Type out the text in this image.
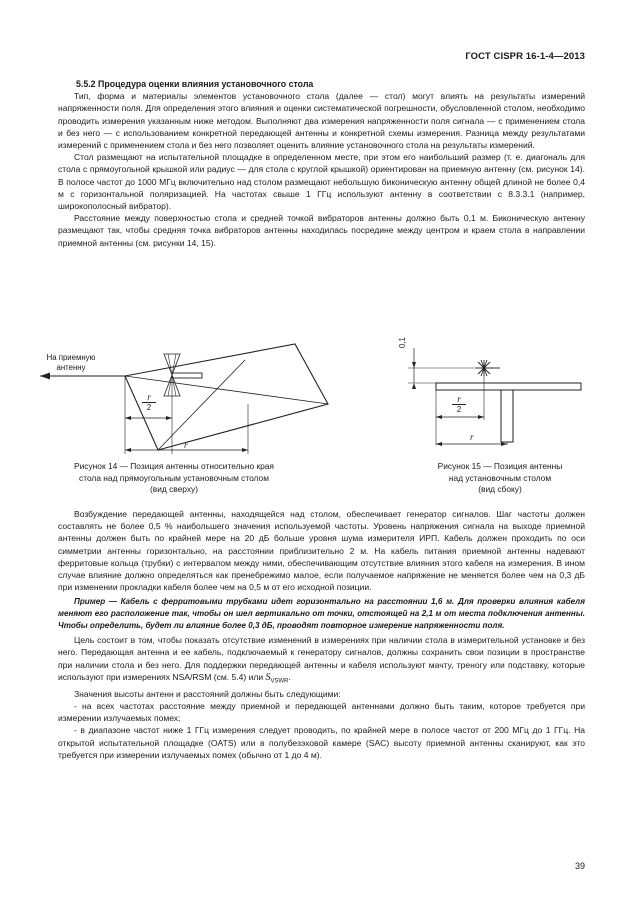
ГОСТ CISPR 16-1-4—2013

5.5.2 Процедура оценки влияния установочного стола

Тип, форма и материалы элементов установочного стола (далее — стол) могут влиять на результаты измерений напряженности поля. Для определения этого влияния и оценки систематической погрешности, обусловленной столом, необходимо проводить измерения указанным ниже методом. Выполняют два измерения напряженности поля сигнала — с применением стола и без него — с использованием конкретной передающей антенны и конкретной схемы измерения. Разница между результатами измерений с применением стола и без него позволяет оценить влияние установочного стола на результаты измерений.

Стол размещают на испытательной площадке в определенном месте, при этом его наибольший размер (т. е. диагональ для стола с прямоугольной крышкой или радиус — для стола с круглой крышкой) ориентирован на приемную антенну (см. рисунок 14). В полосе частот до 1000 МГц включительно над столом размещают небольшую биконическую антенну общей длиной не более 0,4 м с горизонтальной поляризацией. На частотах свыше 1 ГГц используют антенну в соответствии с 8.3.3.1 (например, широкополосный вибратор).

Расстояние между поверхностью стола и средней точкой вибраторов антенны должно быть 0,1 м. Биконическую антенну размещают так, чтобы средняя точка вибраторов антенны находилась посредине между центром и краем стола в направлении приемной антенны (см. рисунки 14, 15).

На приемную
антенну
r
2
r
Рисунок 14 — Позиция антенны относительно края
стола над прямоугольным установочным столом
(вид сверху)
0,1
r
2
r
Рисунок 15 — Позиция антенны
над установочным столом
(вид сбоку)

Возбуждение передающей антенны, находящейся над столом, обеспечивает генератор сигналов. Шаг частоты должен составлять не более 0,5 % наибольшего значения используемой частоты. Уровень напряжения сигнала на выходе приемной антенны должен быть по крайней мере на 20 дБ больше уровня шума измерителя ИРП. Кабель должен проходить по оси симметрии антенны горизонтально, на расстоянии приблизительно 2 м. На кабель питания приемной антенны надевают ферритовые кольца (трубки) с интервалом между ними, обеспечивающим отсутствие влияния этого кабеля на измерения. В ином случае влияние должно определяться как пренебрежимо малое, если получаемое напряжение не меняется более чем на 0,3 дБ при изменении прокладки кабеля более чем на 0,5 м от его исходной позиции.

Пример — Кабель с ферритовыми трубками идет горизонтально на расстоянии 1,6 м. Для проверки влияния кабеля меняют его расположение так, чтобы он шел вертикально от точки, отстоящей на 2,1 м от места подключения антенны. Чтобы определить, будет ли влияние более 0,3 дБ, проводят повторное измерение напряженности поля.

Цель состоит в том, чтобы показать отсутствие изменений в измерениях при наличии стола в измерительной установке и без него. Передающая антенна и ее кабель, подключаемый к генератору сигналов, должны сохранить свои позиции в пространстве при наличии стола и без него. Для поддержки передающей антенны и кабеля используют мачту, треногу или подставку, которые используют при измерениях NSA/RSM (см. 5.4) или $S_{VSWR}$.

Значения высоты антенн и расстояний должны быть следующими:

- на всех частотах расстояние между приемной и передающей антеннами должно быть таким, которое требуется при измерении излучаемых помех;

- в диапазоне частот ниже 1 ГГц измерения следует проводить, по крайней мере в полосе частот от 200 МГц до 1 ГГц. На открытой испытательной площадке (OATS) или в полубезэховой камере (SAC) высоту приемной антенны сканируют, как это требуется при измерении излучаемых помех (обычно от 1 до 4 м).

39
